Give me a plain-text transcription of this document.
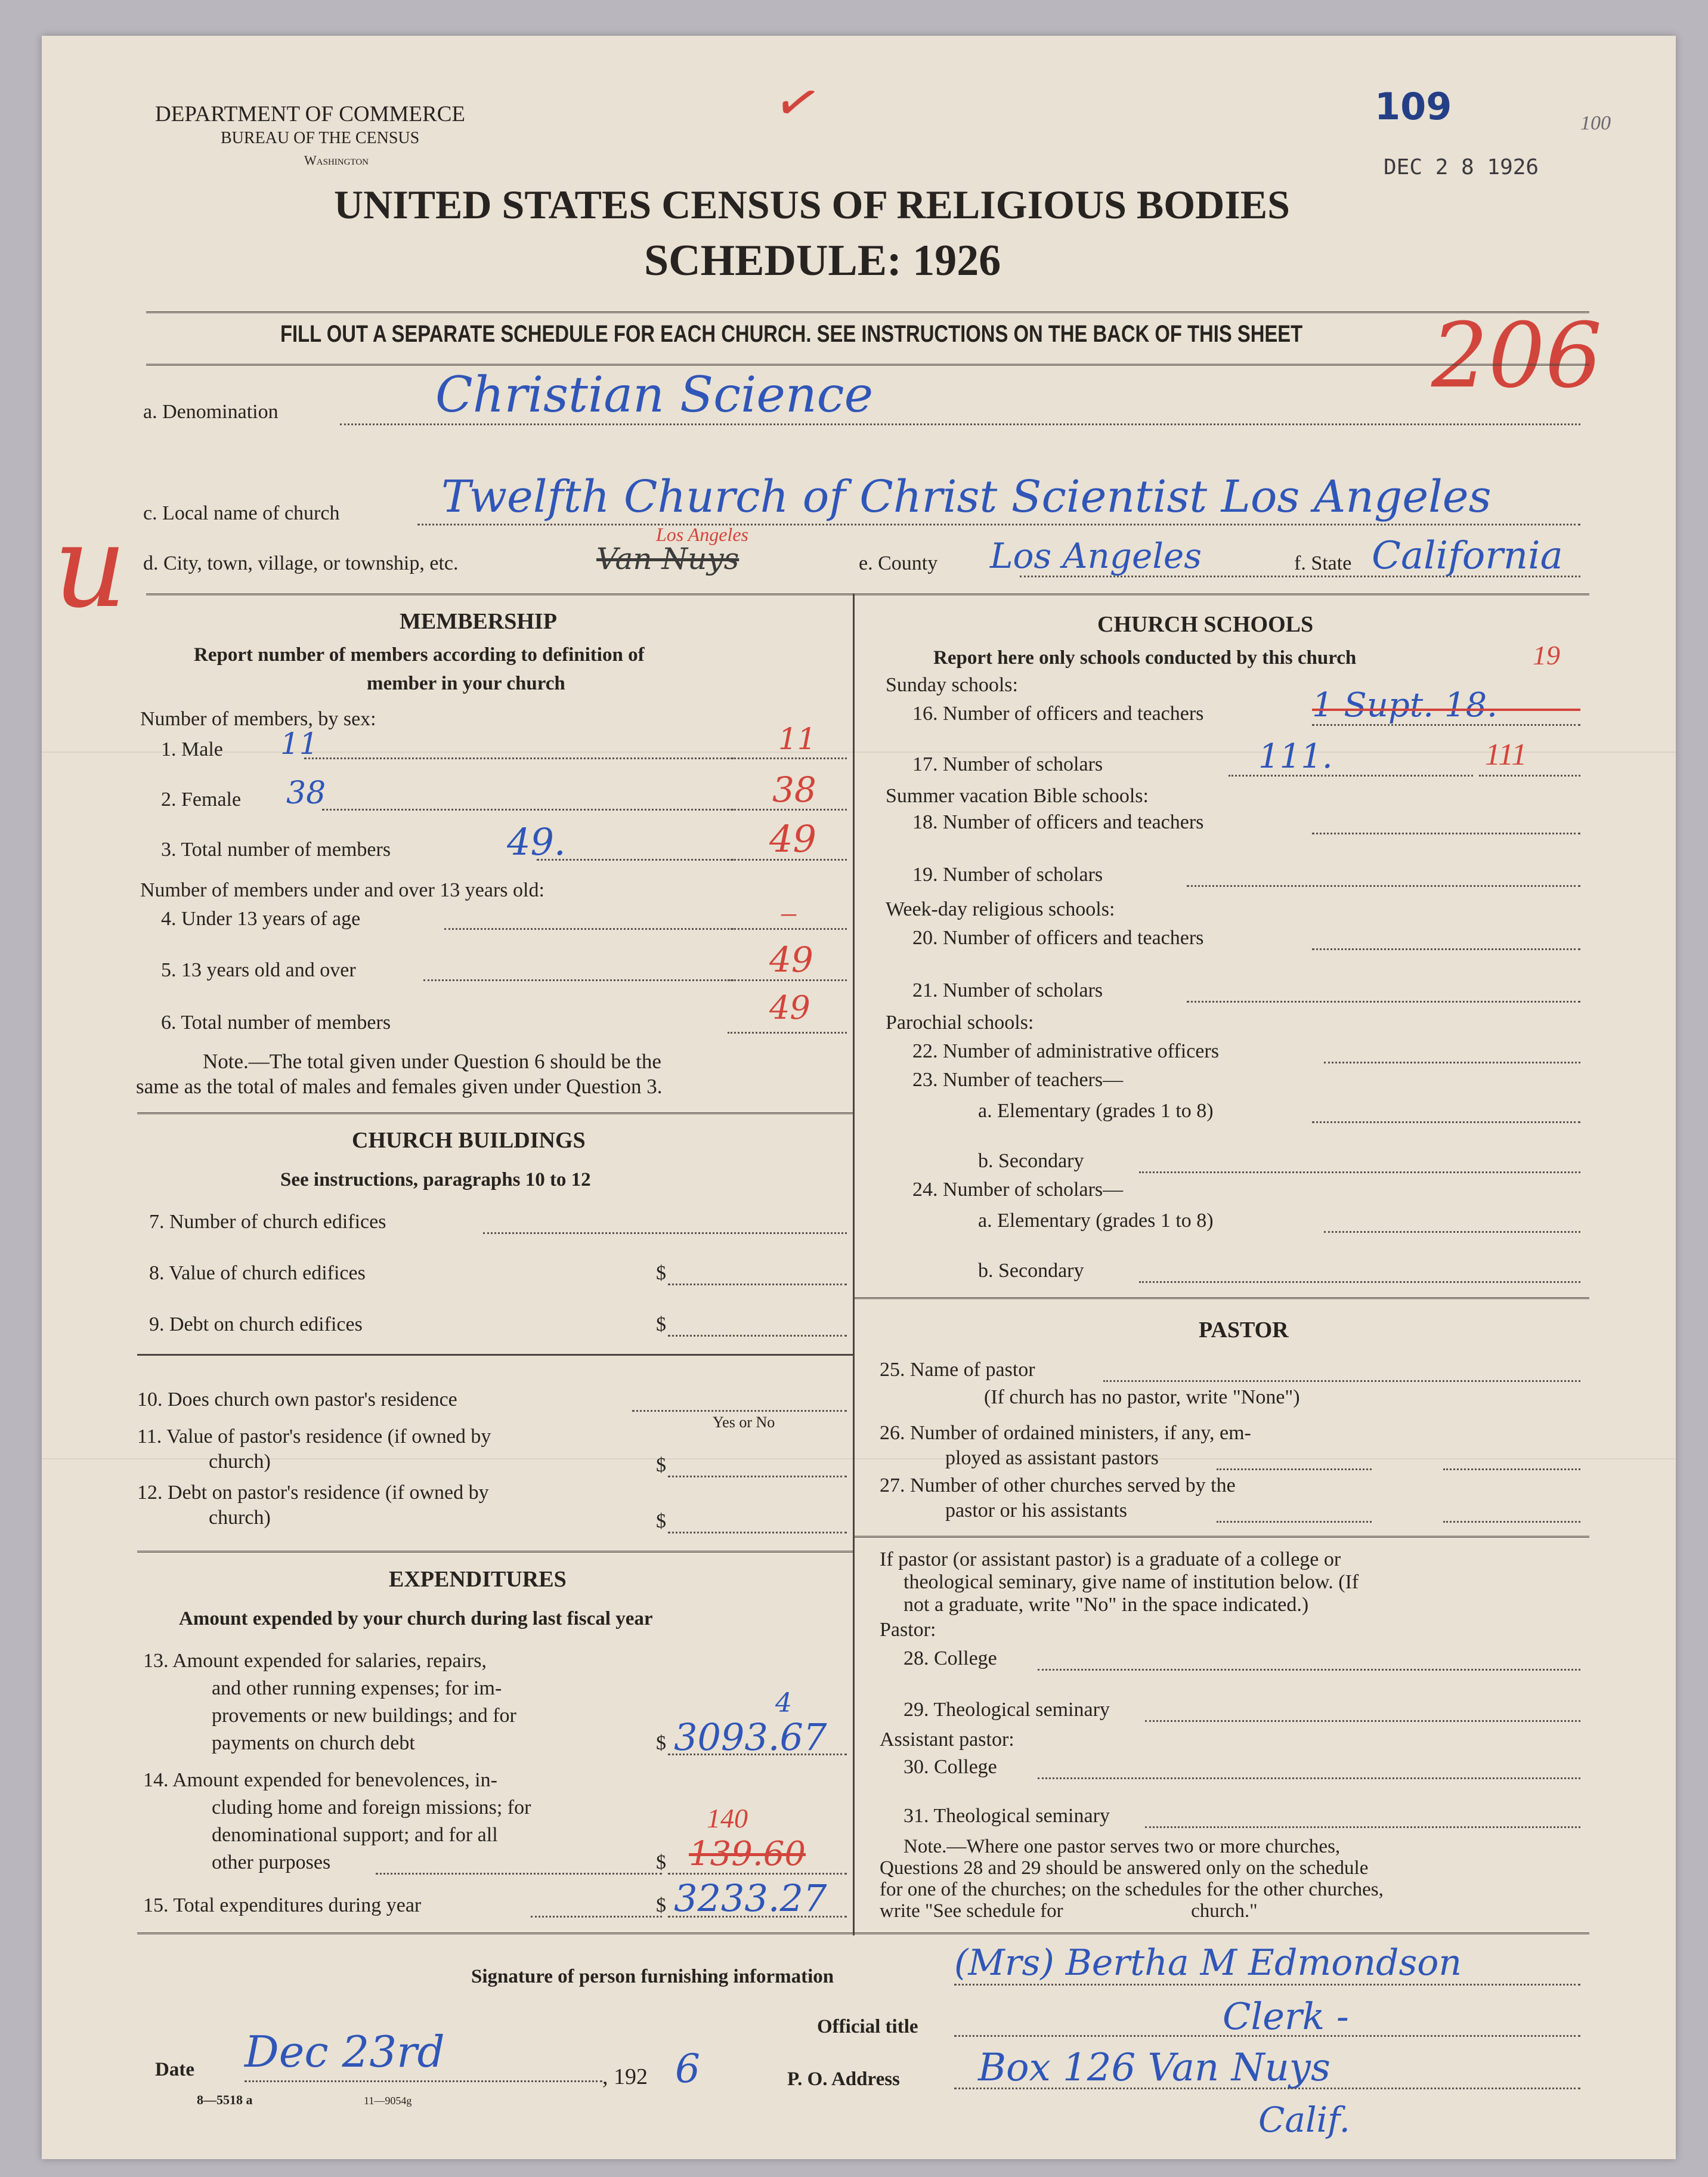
DEPARTMENT OF COMMERCE
BUREAU OF THE CENSUS
Washington
UNITED STATES CENSUS OF RELIGIOUS BODIES
SCHEDULE: 1926
109
DEC 2 8 1926
100
✓
206
u
FILL OUT A SEPARATE SCHEDULE FOR EACH CHURCH. SEE INSTRUCTIONS ON THE BACK OF THIS SHEET
a. Denomination	Christian Science
c. Local name of church Twelfth Church of Christ Scientist Los Angeles
d. City, town, village, or township, etc.	Van Nuys
Los Angeles
e. County Los Angeles	f. State California
MEMBERSHIP
Report number of members according to definition of
member in your church
Number of members, by sex:
1. Male 11	11
2. Female 38	38
3. Total number of members	49.	49
Number of members under and over 13 years old:
4. Under 13 years of age	–
5. 13 years old and over	49
6. Total number of members	49
Note.—The total given under Question 6 should be the
same as the total of males and females given under Question 3.
CHURCH BUILDINGS
See instructions, paragraphs 10 to 12
7. Number of church edifices
8. Value of church edifices	$
9. Debt on church edifices	$
10. Does church own pastor's residence
Yes or No
11. Value of pastor's residence (if owned by
church)	$
12. Debt on pastor's residence (if owned by
church)	$
EXPENDITURES
Amount expended by your church during last fiscal year
13. Amount expended for salaries, repairs,
and other running expenses; for im-
provements or new buildings; and for
payments on church debt	$ 3093.67
4
14. Amount expended for benevolences, in-
cluding home and foreign missions; for
denominational support; and for all
other purposes	$ 139.60
140
15. Total expenditures during year	$ 3233.27
CHURCH SCHOOLS
Report here only schools conducted by this church	19
Sunday schools:
16. Number of officers and teachers	1 Supt. 18.
17. Number of scholars	111.	111
Summer vacation Bible schools:
18. Number of officers and teachers
19. Number of scholars
Week-day religious schools:
20. Number of officers and teachers
21. Number of scholars
Parochial schools:
22. Number of administrative officers
23. Number of teachers—
a. Elementary (grades 1 to 8)
b. Secondary
24. Number of scholars—
a. Elementary (grades 1 to 8)
b. Secondary
PASTOR
25. Name of pastor
(If church has no pastor, write "None")
26. Number of ordained ministers, if any, em-
ployed as assistant pastors
27. Number of other churches served by the
pastor or his assistants
If pastor (or assistant pastor) is a graduate of a college or
theological seminary, give name of institution below. (If
not a graduate, write "No" in the space indicated.)
Pastor:
28. College
29. Theological seminary
Assistant pastor:
30. College
31. Theological seminary
Note.—Where one pastor serves two or more churches,
Questions 28 and 29 should be answered only on the schedule
for one of the churches; on the schedules for the other churches,
write "See schedule for                          church."
Signature of person furnishing information	(Mrs) Bertha M Edmondson
Official title	Clerk -
Date Dec 23rd	, 192 6	P. O. Address Box 126 Van Nuys
Calif.
8—5518 a	11—9054g
